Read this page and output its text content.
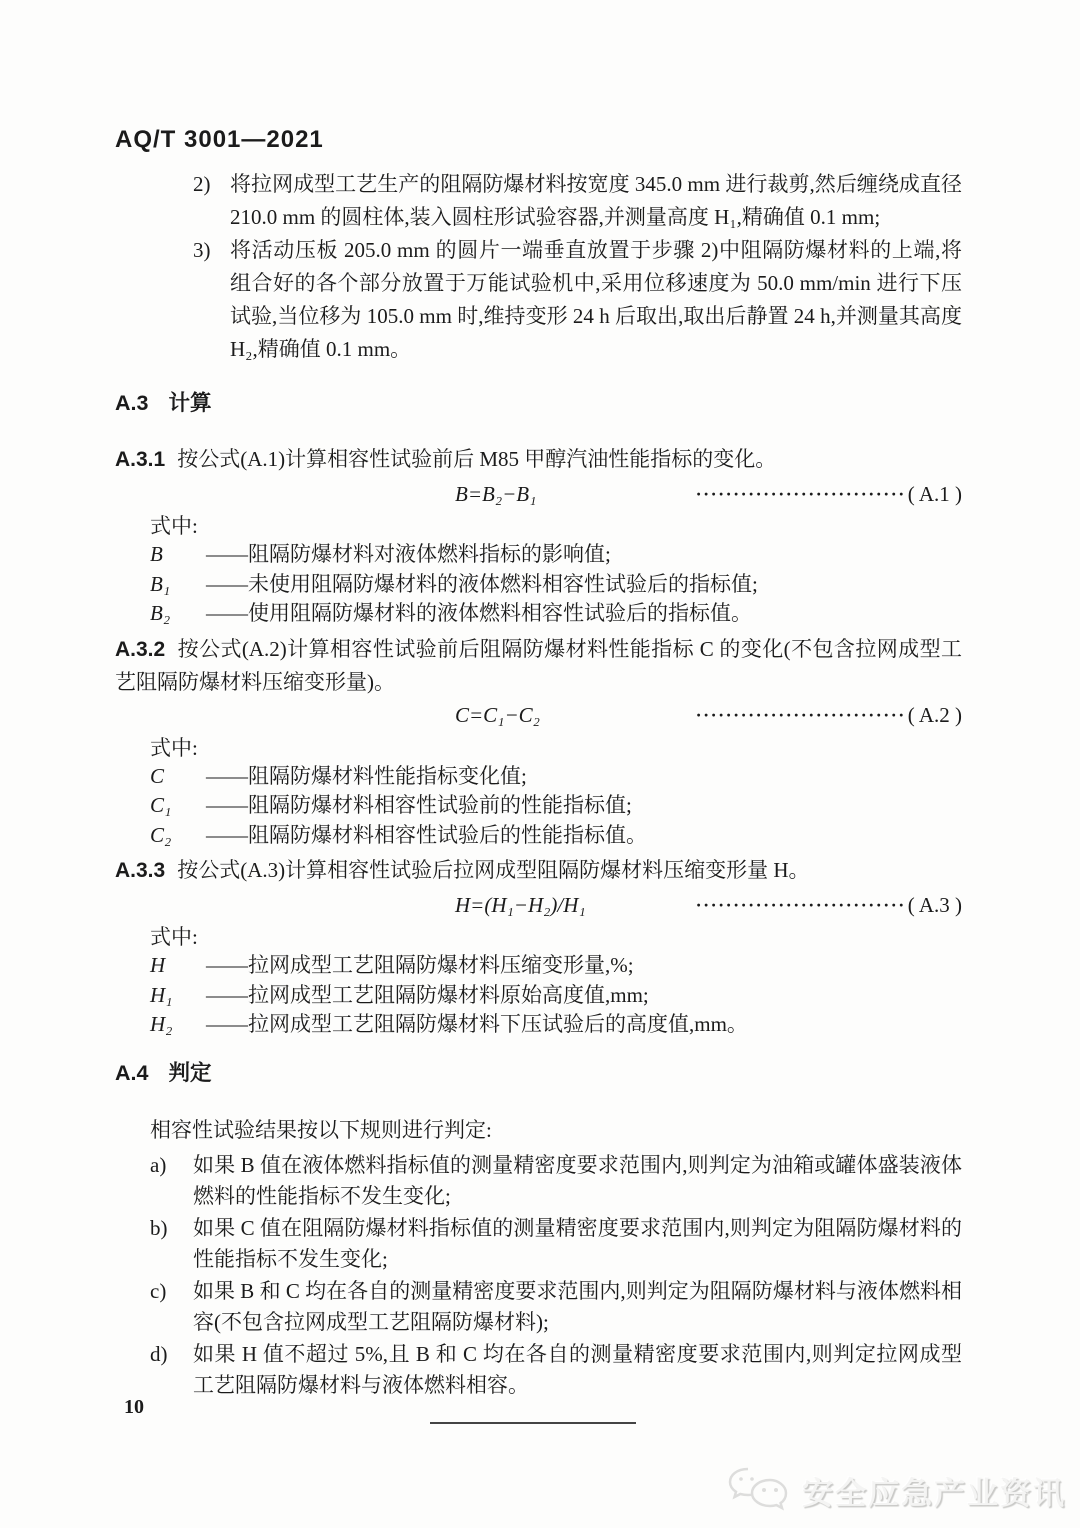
AQ/T 3001—2021
2) 将拉网成型工艺生产的阻隔防爆材料按宽度 345.0 mm 进行裁剪,然后缠绕成直径 210.0 mm 的圆柱体,装入圆柱形试验容器,并测量高度 H₁,精确值 0.1 mm;
3) 将活动压板 205.0 mm 的圆片一端垂直放置于步骤 2)中阻隔防爆材料的上端,将组合好的各个部分放置于万能试验机中,采用位移速度为 50.0 mm/min 进行下压试验,当位移为 105.0 mm 时,维持变形 24 h 后取出,取出后静置 24 h,并测量其高度 H₂,精确值 0.1 mm。
A.3 计算

A.3.1 按公式(A.1)计算相容性试验前后 M85 甲醇汽油性能指标的变化。

B=B₂−B₁	····························( A.1 )

式中:

B	——阻隔防爆材料对液体燃料指标的影响值;
B₁	——未使用阻隔防爆材料的液体燃料相容性试验后的指标值;
B₂	——使用阻隔防爆材料的液体燃料相容性试验后的指标值。

A.3.2 按公式(A.2)计算相容性试验前后阻隔防爆材料性能指标 C 的变化(不包含拉网成型工艺阻隔防爆材料压缩变形量)。

C=C₁−C₂	····························( A.2 )

式中:

C	——阻隔防爆材料性能指标变化值;
C₁	——阻隔防爆材料相容性试验前的性能指标值;
C₂	——阻隔防爆材料相容性试验后的性能指标值。

A.3.3 按公式(A.3)计算相容性试验后拉网成型阻隔防爆材料压缩变形量 H。

H=(H₁−H₂)/H₁	····························( A.3 )

式中:

H	——拉网成型工艺阻隔防爆材料压缩变形量,%;
H₁	——拉网成型工艺阻隔防爆材料原始高度值,mm;
H₂	——拉网成型工艺阻隔防爆材料下压试验后的高度值,mm。
A.4 判定

相容性试验结果按以下规则进行判定:

a)	如果 B 值在液体燃料指标值的测量精密度要求范围内,则判定为油箱或罐体盛装液体燃料的性能指标不发生变化;
b)	如果 C 值在阻隔防爆材料指标值的测量精密度要求范围内,则判定为阻隔防爆材料的性能指标不发生变化;
c)	如果 B 和 C 均在各自的测量精密度要求范围内,则判定为阻隔防爆材料与液体燃料相容(不包含拉网成型工艺阻隔防爆材料);
d)	如果 H 值不超过 5%,且 B 和 C 均在各自的测量精密度要求范围内,则判定拉网成型工艺阻隔防爆材料与液体燃料相容。
10
安全应急产业资讯
